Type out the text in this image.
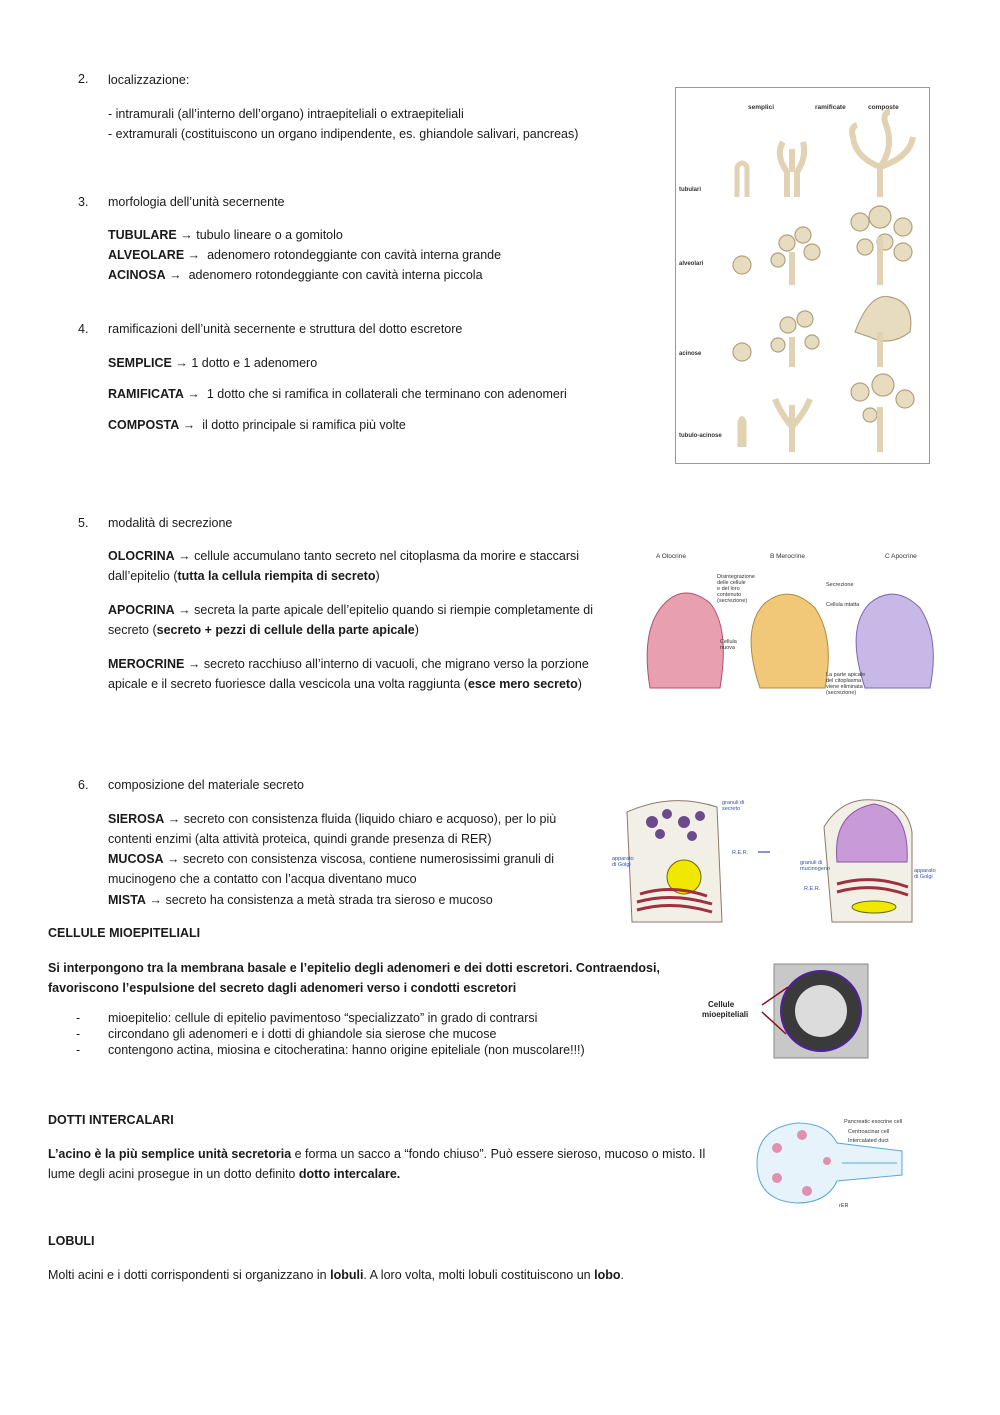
2. localizzazione:
- intramurali (all’interno dell’organo) intraepiteliali o extraepiteliali
- extramurali (costituiscono un organo indipendente, es. ghiandole salivari, pancreas)
3. morfologia dell’unità secernente
TUBULARE → tubulo lineare o a gomitolo
ALVEOLARE → adenomero rotondeggiante con cavità interna grande
ACINOSA → adenomero rotondeggiante con cavità interna piccola
4. ramificazioni dell’unità secernente e struttura del dotto escretore
SEMPLICE → 1 dotto e 1 adenomero
RAMIFICATA → 1 dotto che si ramifica in collaterali che terminano con adenomeri
COMPOSTA → il dotto principale si ramifica più volte
semplici	ramificate	composte
tubulari
alveolari
acinose
tubulo-acinose
5. modalità di secrezione
OLOCRINA → cellule accumulano tanto secreto nel citoplasma da morire e staccarsi dall’epitelio (tutta la cellula riempita di secreto)
APOCRINA → secreta la parte apicale dell’epitelio quando si riempie completamente di secreto (secreto + pezzi di cellule della parte apicale)
MEROCRINE → secreto racchiuso all’interno di vacuoli, che migrano verso la porzione apicale e il secreto fuoriesce dalla vescicola una volta raggiunta (esce mero secreto)
A Olocrine	B Merocrine	C Apocrine
Disintegrazione delle cellule e del loro contenuto (secrezione)
Secrezione
Cellula intatta
Cellula nuova
La parte apicale del citoplasma viene eliminata (secrezione)
6. composizione del materiale secreto
SIEROSA → secreto con consistenza fluida (liquido chiaro e acquoso), per lo più contenti enzimi (alta attività proteica, quindi grande presenza di RER)
MUCOSA → secreto con consistenza viscosa, contiene numerosissimi granuli di mucinogeno che a contatto con l’acqua diventano muco
MISTA → secreto ha consistenza a metà strada tra sieroso e mucoso
granuli di secreto
apparato di Golgi
R.E.R.
granuli di mucinogeno	apparato di Golgi
R.E.R.
CELLULE MIOEPITELIALI
Si interpongono tra la membrana basale e l’epitelio degli adenomeri e dei dotti escretori. Contraendosi, favoriscono l’espulsione del secreto dagli adenomeri verso i condotti escretori
- mioepitelio: cellule di epitelio pavimentoso “specializzato” in grado di contrarsi
- circondano gli adenomeri e i dotti di ghiandole sia sierose che mucose
- contengono actina, miosina e citocheratina: hanno origine epiteliale (non muscolare!!!)
Cellule
mioepiteliali
DOTTI INTERCALARI
L’acino è la più semplice unità secretoria e forma un sacco a “fondo chiuso”. Può essere sieroso, mucoso o misto. Il lume degli acini prosegue in un dotto definito dotto intercalare.
Pancreatic exocrine cell
Centroacinar cell
Intercalated duct
rER
LOBULI
Molti acini e i dotti corrispondenti si organizzano in lobuli. A loro volta, molti lobuli costituiscono un lobo.
